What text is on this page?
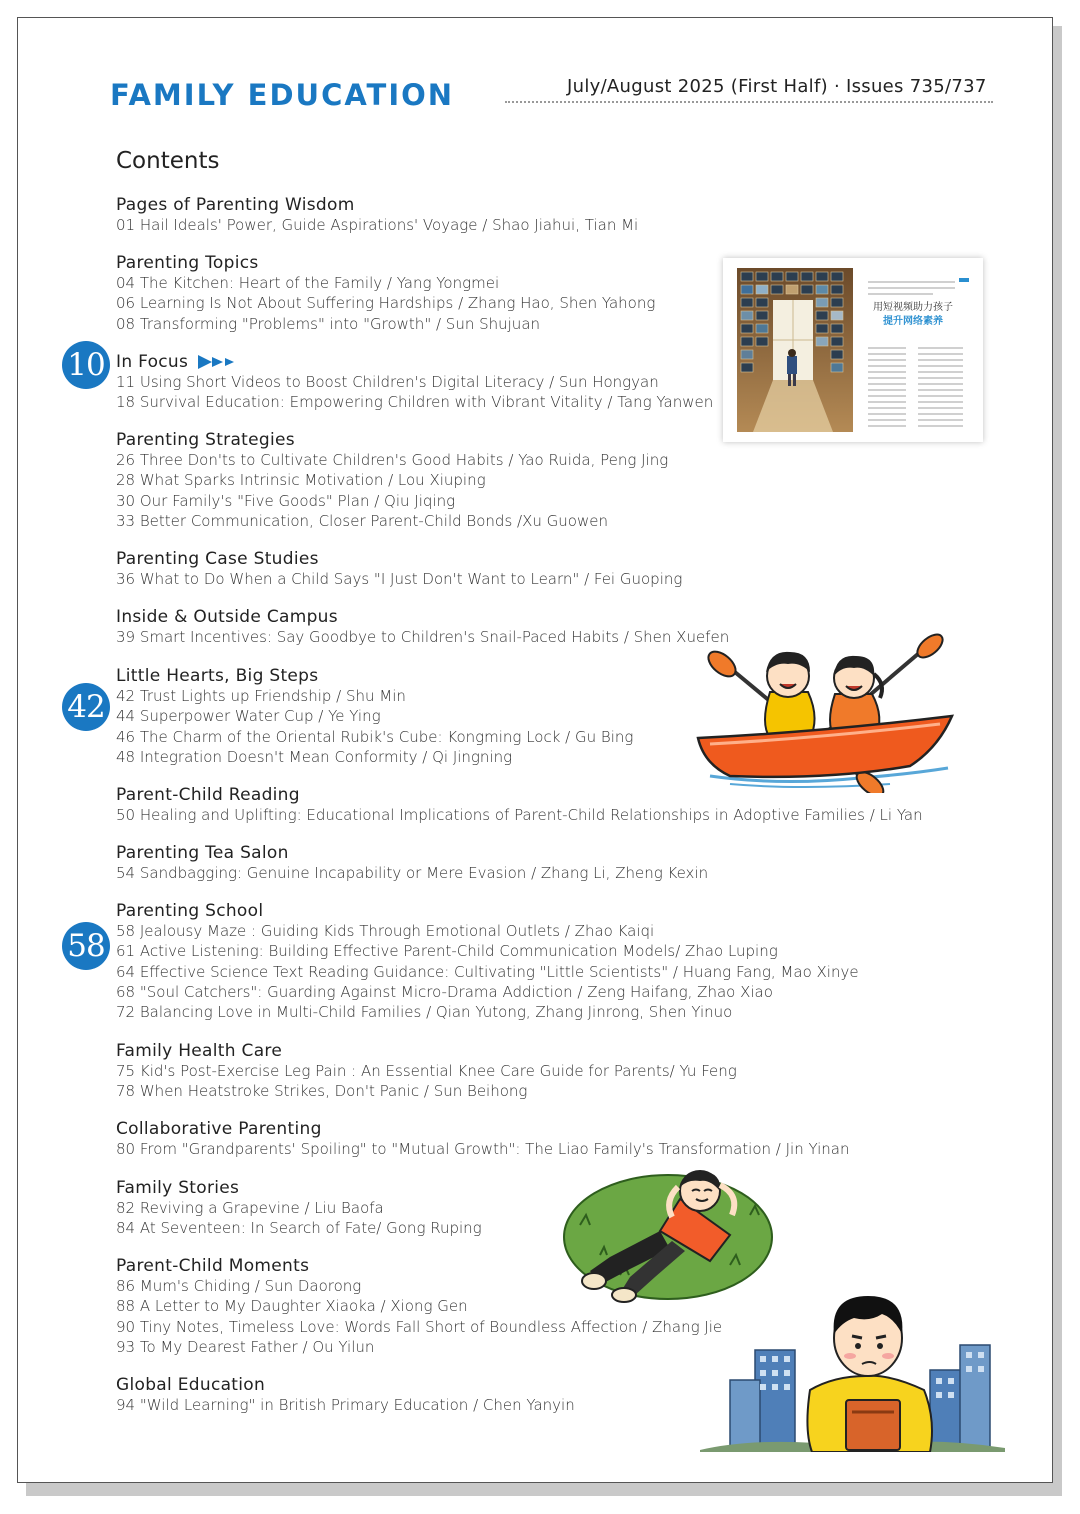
FAMILY EDUCATION	July/August 2025 (First Half) · Issues 735/737
Contents
Pages of Parenting Wisdom
01 Hail Ideals' Power, Guide Aspirations' Voyage / Shao Jiahui, Tian Mi
Parenting Topics
04 The Kitchen: Heart of the Family / Yang Yongmei
06 Learning Is Not About Suffering Hardships / Zhang Hao, Shen Yahong
08 Transforming "Problems" into "Growth" / Sun Shujuan
In Focus
11 Using Short Videos to Boost Children's Digital Literacy / Sun Hongyan
18 Survival Education: Empowering Children with Vibrant Vitality / Tang Yanwen
Parenting Strategies
26 Three Don'ts to Cultivate Children's Good Habits / Yao Ruida, Peng Jing
28 What Sparks Intrinsic Motivation / Lou Xiuping
30 Our Family's "Five Goods" Plan / Qiu Jiqing
33 Better Communication, Closer Parent-Child Bonds /Xu Guowen
Parenting Case Studies
36 What to Do When a Child Says "I Just Don't Want to Learn" / Fei Guoping
Inside & Outside Campus
39 Smart Incentives: Say Goodbye to Children's Snail-Paced Habits / Shen Xuefen
Little Hearts, Big Steps
42 Trust Lights up Friendship / Shu Min
44 Superpower Water Cup / Ye Ying
46 The Charm of the Oriental Rubik's Cube: Kongming Lock / Gu Bing
48 Integration Doesn't Mean Conformity / Qi Jingning
Parent-Child Reading
50 Healing and Uplifting: Educational Implications of Parent-Child Relationships in Adoptive Families / Li Yan
Parenting Tea Salon
54 Sandbagging: Genuine Incapability or Mere Evasion / Zhang Li, Zheng Kexin
Parenting School
58 Jealousy Maze : Guiding Kids Through Emotional Outlets / Zhao Kaiqi
61 Active Listening: Building Effective Parent-Child Communication Models/ Zhao Luping
64 Effective Science Text Reading Guidance: Cultivating "Little Scientists" / Huang Fang, Mao Xinye
68 "Soul Catchers": Guarding Against Micro-Drama Addiction / Zeng Haifang, Zhao Xiao
72 Balancing Love in Multi-Child Families / Qian Yutong, Zhang Jinrong, Shen Yinuo
Family Health Care
75 Kid's Post-Exercise Leg Pain : An Essential Knee Care Guide for Parents/ Yu Feng
78 When Heatstroke Strikes, Don't Panic / Sun Beihong
Collaborative Parenting
80 From "Grandparents' Spoiling" to "Mutual Growth": The Liao Family's Transformation / Jin Yinan
Family Stories
82 Reviving a Grapevine / Liu Baofa
84 At Seventeen: In Search of Fate/ Gong Ruping
Parent-Child Moments
86 Mum's Chiding / Sun Daorong
88 A Letter to My Daughter Xiaoka / Xiong Gen
90 Tiny Notes, Timeless Love: Words Fall Short of Boundless Affection / Zhang Jie
93 To My Dearest Father / Ou Yilun
Global Education
94 "Wild Learning" in British Primary Education / Chen Yanyin
10
42
58
用短视频助力孩子
提升网络素养
